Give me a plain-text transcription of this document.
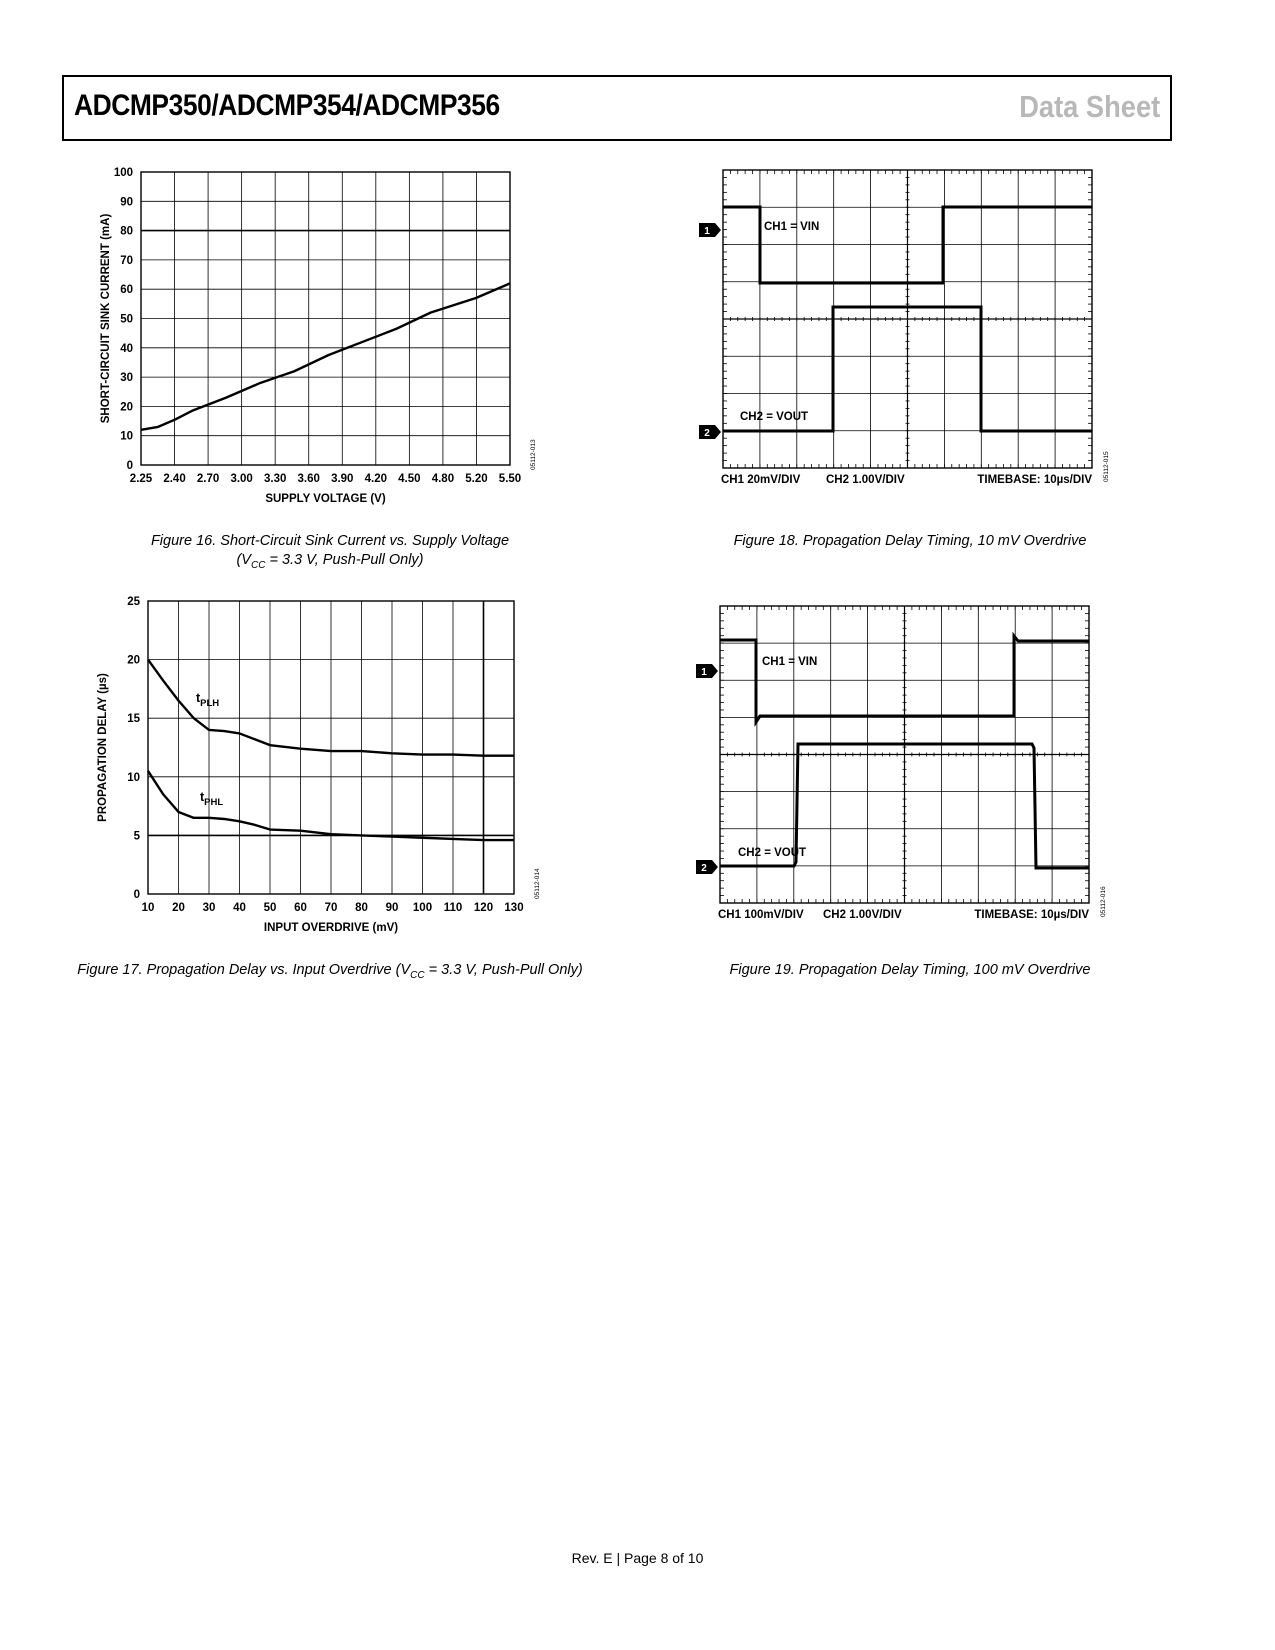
ADCMP350/ADCMP354/ADCMP356	Data Sheet
2.25 2.40 2.70 3.00 3.30 3.60 3.90 4.20 4.50 4.80 5.20 5.50
0
10
20
30
40
50
60
70
80
90
100
SUPPLY VOLTAGE (V)
SHORT-CIRCUIT SINK CURRENT (mA)
05112-013
Figure 16. Short-Circuit Sink Current vs. Supply Voltage
($V_{CC} = 3.3$ V, Push-Pull Only)
10 20 30 40 50 60 70 80 90 100 110 120 130
0
5
10
15
20
25
INPUT OVERDRIVE (mV)
PROPAGATION DELAY (µs)
05112-014
$t_{PLH}$
$t_{PHL}$
Figure 17. Propagation Delay vs. Input Overdrive ($V_{CC} = 3.3$ V, Push-Pull Only)
CH1 = VIN
CH2 = VOUT
1
2
CH1 20mV/DIV CH2 1.00V/DIV	TIMEBASE: 10µs/DIV 05112-015
Figure 18. Propagation Delay Timing, 10 mV Overdrive
CH1 = VIN
CH2 = VOUT
1
2
CH1 100mV/DIV CH2 1.00V/DIV	TIMEBASE: 10µs/DIV 05112-016
Figure 19. Propagation Delay Timing, 100 mV Overdrive
Rev. E | Page 8 of 10
